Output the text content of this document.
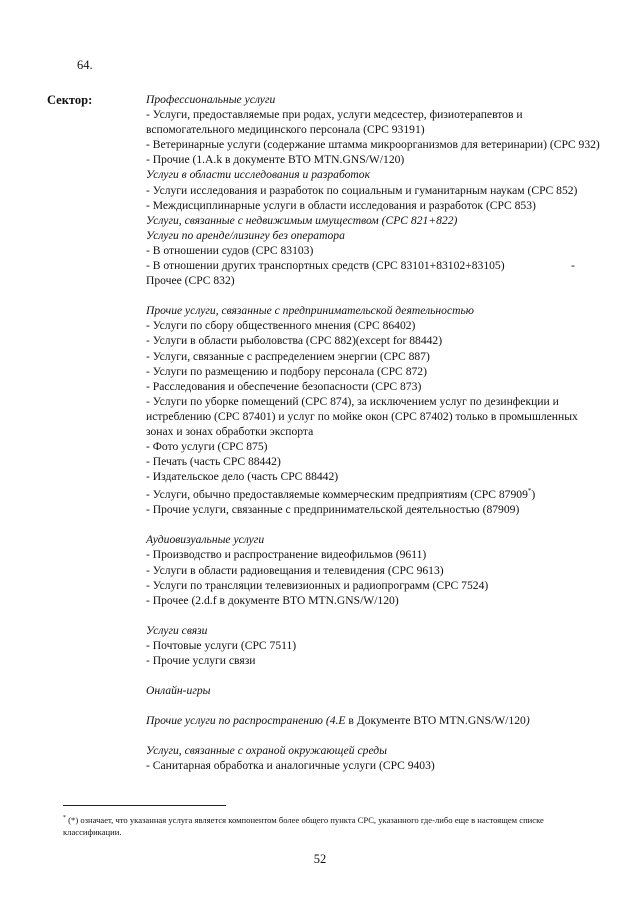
64.
Сектор:	Профессиональные услуги
- Услуги, предоставляемые при родах, услуги медсестер, физиотерапевтов и вспомогательного медицинского персонала (CPC 93191)
- Ветеринарные услуги (содержание штамма микроорганизмов для ветеринарии) (CPC 932)
- Прочие (1.A.k в документе ВТО MTN.GNS/W/120)
Услуги в области исследования и разработок
- Услуги исследования и разработок по социальным и гуманитарным наукам (CPC 852)
- Междисциплинарные услуги в области исследования и разработок (CPC 853)
Услуги, связанные с недвижимым имуществом (CPC 821+822)
Услуги по аренде/лизингу без оператора
- В отношении судов (CPC 83103)
- В отношении других транспортных средств (CPC 83101+83102+83105)	-
Прочее (CPC 832)
Прочие услуги, связанные с предпринимательской деятельностью
- Услуги по сбору общественного мнения (CPC 86402)
- Услуги в области рыболовства (CPC 882)(except for 88442)
- Услуги, связанные с распределением энергии (CPC 887)
- Услуги по размещению и подбору персонала (CPC 872)
- Расследования и обеспечение безопасности (CPC 873)
- Услуги по уборке помещений (CPC 874), за исключением услуг по дезинфекции и истреблению (CPC 87401) и услуг по мойке окон (CPC 87402) только в промышленных зонах и зонах обработки экспорта
- Фото услуги (CPC 875)
- Печать (часть CPC 88442)
- Издательское дело (часть CPC 88442)
- Услуги, обычно предоставляемые коммерческим предприятиям (CPC 87909*)
- Прочие услуги, связанные с предпринимательской деятельностью (87909)
Аудиовизуальные услуги
- Производство и распространение видеофильмов (9611)
- Услуги в области радиовещания и телевидения (CPC 9613)
- Услуги по трансляции телевизионных и радиопрограмм (CPC 7524)
- Прочее (2.d.f в документе ВТО MTN.GNS/W/120)
Услуги связи
- Почтовые услуги (CPC 7511)
- Прочие услуги связи
Онлайн-игры
Прочие услуги по распространению (4.E в Документе ВТО MTN.GNS/W/120)
Услуги, связанные с охраной окружающей среды
- Санитарная обработка и аналогичные услуги (CPC 9403)
* (*) означает, что указанная услуга является компонентом более общего пункта CPC, указанного где-либо еще в настоящем списке классификации.
52
